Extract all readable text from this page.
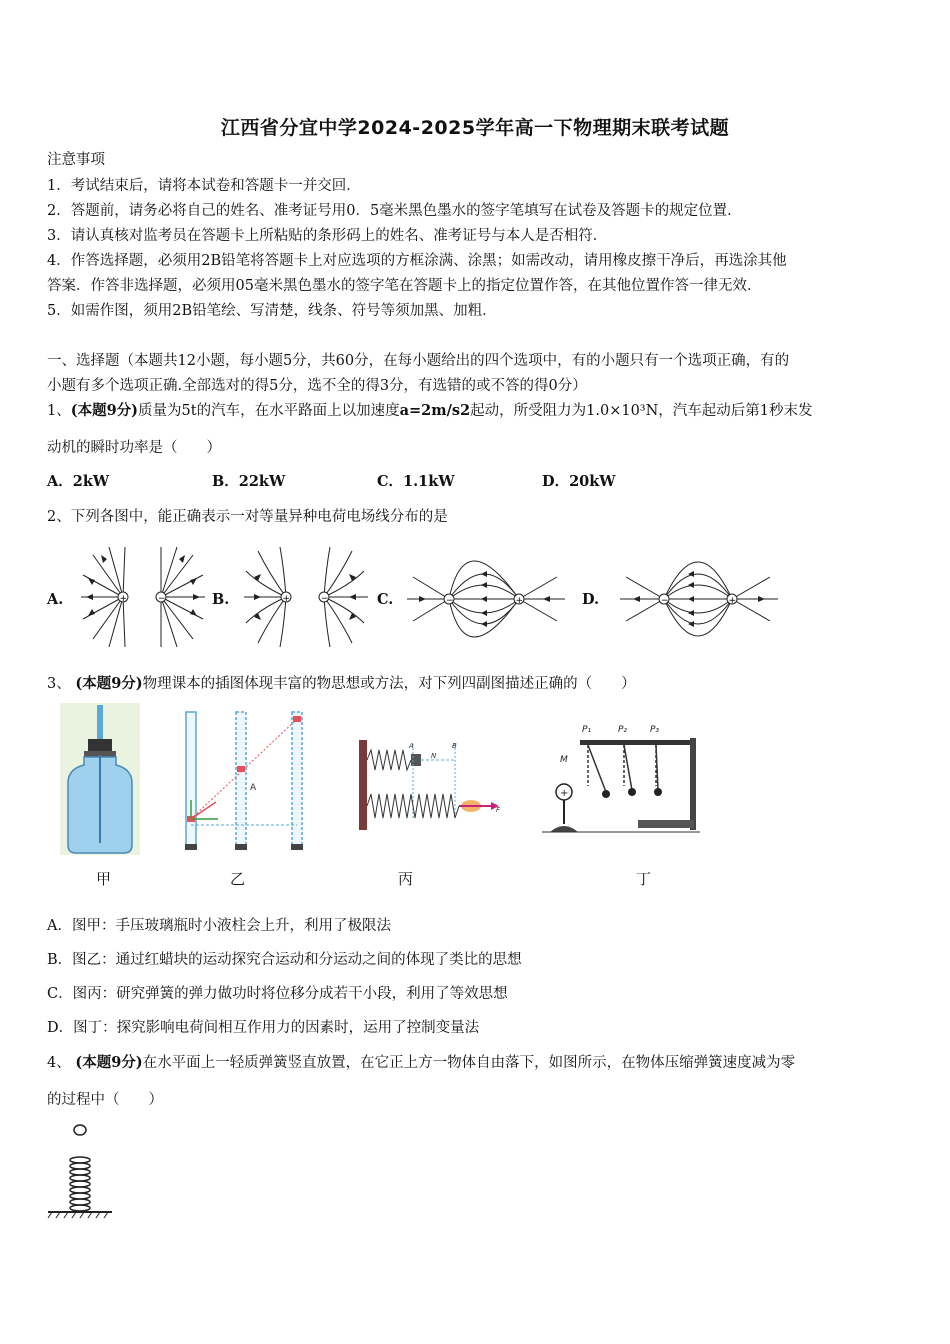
江西省分宜中学2024-2025学年高一下物理期末联考试题
注意事项
1．考试结束后，请将本试卷和答题卡一并交回．
2．答题前，请务必将自己的姓名、准考证号用0．5毫米黑色墨水的签字笔填写在试卷及答题卡的规定位置．
3．请认真核对监考员在答题卡上所粘贴的条形码上的姓名、准考证号与本人是否相符．
4．作答选择题，必须用2B铅笔将答题卡上对应选项的方框涂满、涂黑；如需改动，请用橡皮擦干净后，再选涂其他
答案．作答非选择题，必须用05毫米黑色墨水的签字笔在答题卡上的指定位置作答，在其他位置作答一律无效．
5．如需作图，须用2B铅笔绘、写清楚，线条、符号等须加黑、加粗．
一、选择题（本题共12小题，每小题5分，共60分，在每小题给出的四个选项中，有的小题只有一个选项正确，有的
小题有多个选项正确.全部选对的得5分，选不全的得3分，有选错的或不答的得0分）
1、(本题9分)质量为5t的汽车，在水平路面上以加速度a=2m/s2起动，所受阻力为1.0×10³N，汽车起动后第1秒末发
动机的瞬时功率是（　　）
A．2kW	B．22kW	C．1.1kW	D．20kW
2、下列各图中，能正确表示一对等量异种电荷电场线分布的是
A.	B.	C.	D.
+	−	+	−	−	+	−	+
3、 (本题9分)物理课本的插图体现丰富的物思想或方法，对下列四副图描述正确的（　　）
A
A	B
N
F
P₁	P₂	P₃
M
+
甲	乙	丙	丁
A．图甲：手压玻璃瓶时小液柱会上升，利用了极限法
B．图乙：通过红蜡块的运动探究合运动和分运动之间的体现了类比的思想
C．图丙：研究弹簧的弹力做功时将位移分成若干小段，利用了等效思想
D．图丁：探究影响电荷间相互作用力的因素时，运用了控制变量法
4、 (本题9分)在水平面上一轻质弹簧竖直放置，在它正上方一物体自由落下，如图所示，在物体压缩弹簧速度减为零
的过程中（　　）
